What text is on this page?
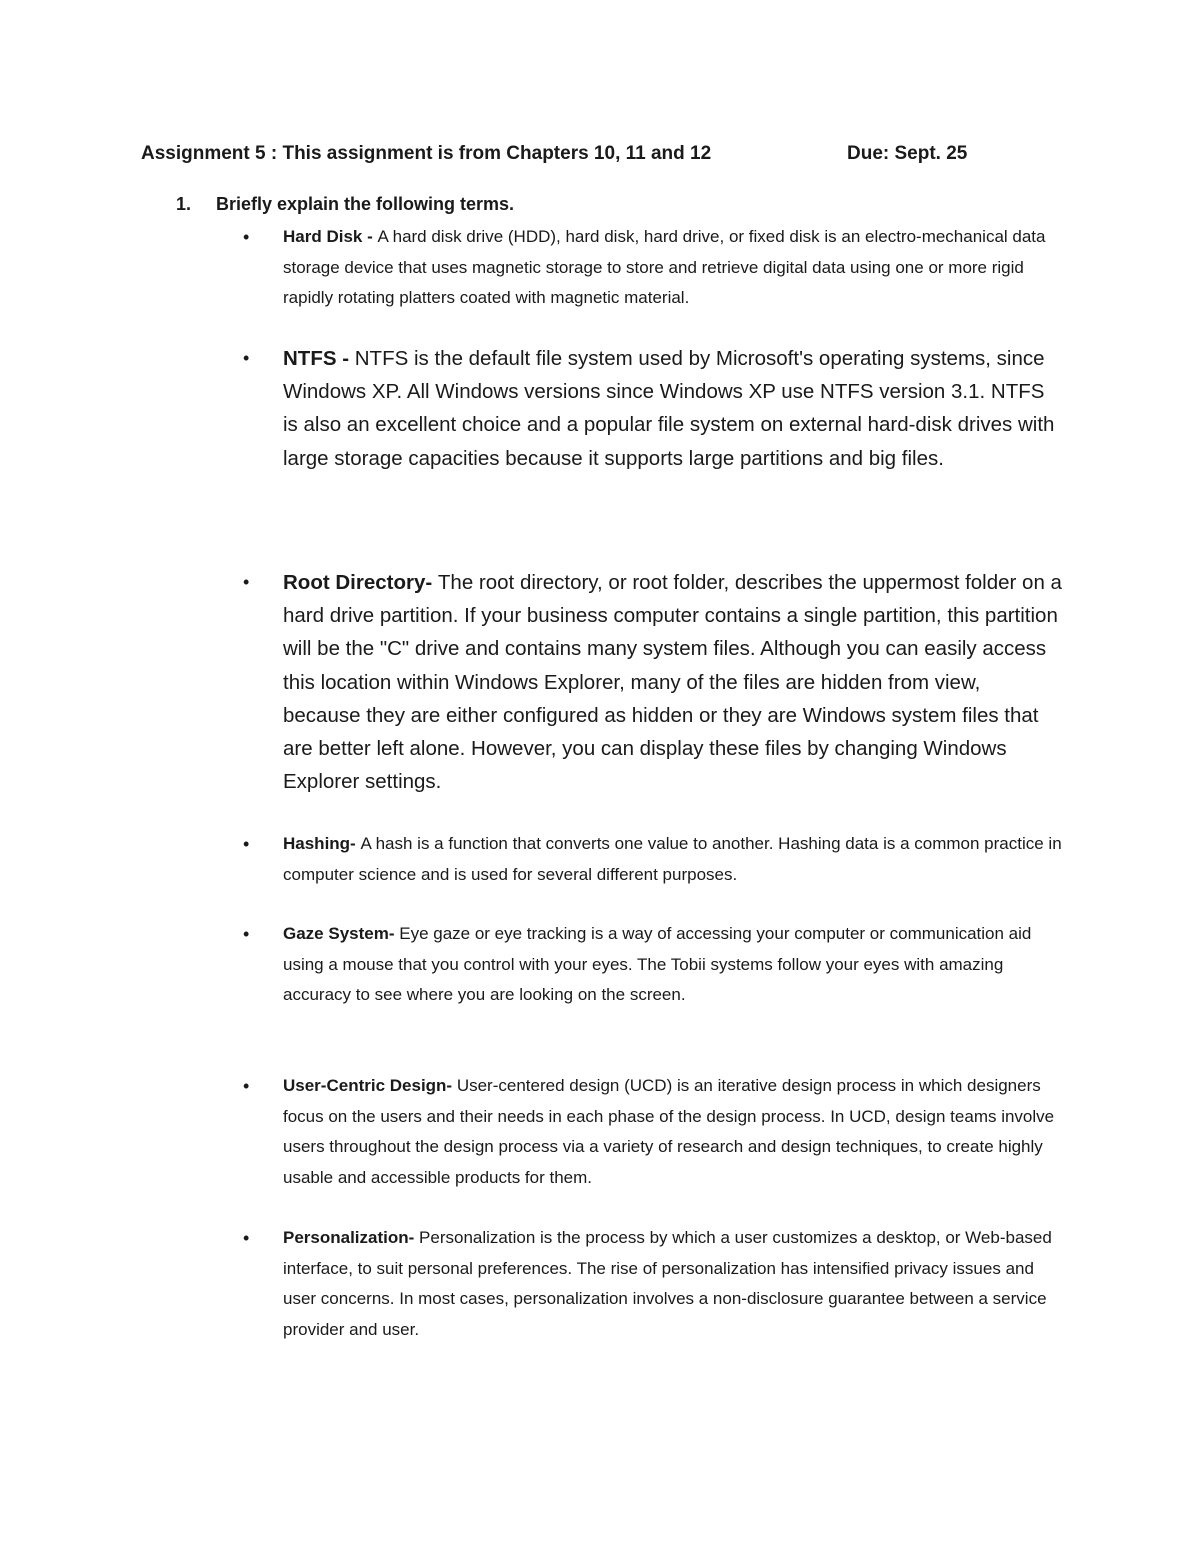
Assignment 5 : This assignment is from Chapters 10, 11 and 12	Due: Sept. 25
1. Briefly explain the following terms.
• Hard Disk - A hard disk drive (HDD), hard disk, hard drive, or fixed disk is an electro-mechanical data storage device that uses magnetic storage to store and retrieve digital data using one or more rigid rapidly rotating platters coated with magnetic material.

• NTFS - NTFS is the default file system used by Microsoft's operating systems, since Windows XP. All Windows versions since Windows XP use NTFS version 3.1. NTFS is also an excellent choice and a popular file system on external hard-disk drives with large storage capacities because it supports large partitions and big files.

• Root Directory- The root directory, or root folder, describes the uppermost folder on a hard drive partition. If your business computer contains a single partition, this partition will be the "C" drive and contains many system files. Although you can easily access this location within Windows Explorer, many of the files are hidden from view, because they are either configured as hidden or they are Windows system files that are better left alone. However, you can display these files by changing Windows Explorer settings.

• Hashing- A hash is a function that converts one value to another. Hashing data is a common practice in computer science and is used for several different purposes.

• Gaze System- Eye gaze or eye tracking is a way of accessing your computer or communication aid using a mouse that you control with your eyes. The Tobii systems follow your eyes with amazing accuracy to see where you are looking on the screen.

• User-Centric Design- User-centered design (UCD) is an iterative design process in which designers focus on the users and their needs in each phase of the design process. In UCD, design teams involve users throughout the design process via a variety of research and design techniques, to create highly usable and accessible products for them.

• Personalization- Personalization is the process by which a user customizes a desktop, or Web-based interface, to suit personal preferences. The rise of personalization has intensified privacy issues and user concerns. In most cases, personalization involves a non-disclosure guarantee between a service provider and user.
